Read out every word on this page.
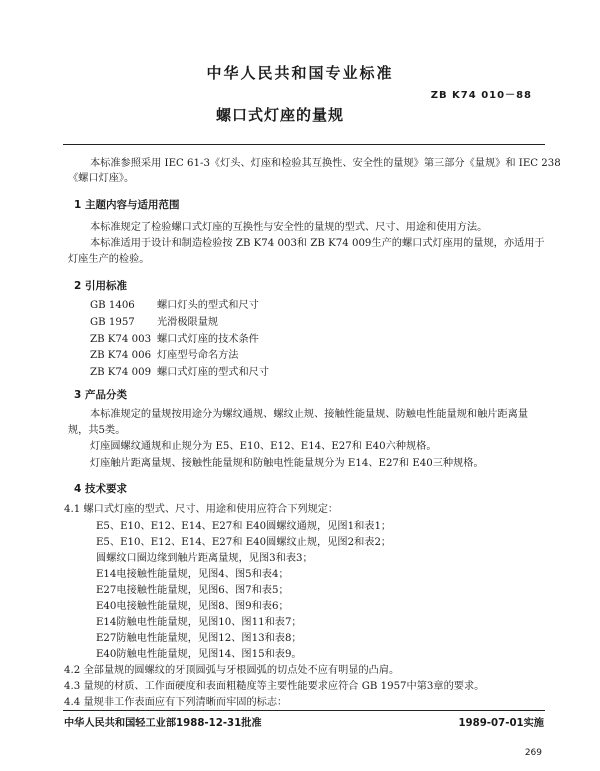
中华人民共和国专业标准
ZB K74 010－88
螺口式灯座的量规
本标准参照采用 IEC 61-3《灯头、灯座和检验其互换性、安全性的量规》第三部分《量规》和 IEC 238
《螺口灯座》。
1 主题内容与适用范围
本标准规定了检验螺口式灯座的互换性与安全性的量规的型式、尺寸、用途和使用方法。
本标准适用于设计和制造检验按 ZB K74 003和 ZB K74 009生产的螺口式灯座用的量规，亦适用于
灯座生产的检验。
2 引用标准
GB 1406 螺口灯头的型式和尺寸
GB 1957 光滑极限量规
ZB K74 003 螺口式灯座的技术条件
ZB K74 006 灯座型号命名方法
ZB K74 009 螺口式灯座的型式和尺寸
3 产品分类
本标准规定的量规按用途分为螺纹通规、螺纹止规、接触性能量规、防触电性能量规和触片距离量
规，共5类。
灯座圆螺纹通规和止规分为 E5、E10、E12、E14、E27和 E40六种规格。
灯座触片距离量规、接触性能量规和防触电性能量规分为 E14、E27和 E40三种规格。
4 技术要求
4.1 螺口式灯座的型式、尺寸、用途和使用应符合下列规定：
E5、E10、E12、E14、E27和 E40圆螺纹通规，见图1和表1；
E5、E10、E12、E14、E27和 E40圆螺纹止规，见图2和表2；
圆螺纹口圈边缘到触片距离量规，见图3和表3；
E14电接触性能量规，见图4、图5和表4；
E27电接触性能量规，见图6、图7和表5；
E40电接触性能量规，见图8、图9和表6；
E14防触电性能量规，见图10、图11和表7；
E27防触电性能量规，见图12、图13和表8；
E40防触电性能量规，见图14、图15和表9。
4.2 全部量规的圆螺纹的牙顶圆弧与牙根圆弧的切点处不应有明显的凸肩。
4.3 量规的材质、工作面硬度和表面粗糙度等主要性能要求应符合 GB 1957中第3章的要求。
4.4 量规非工作表面应有下列清晰而牢固的标志：
中华人民共和国轻工业部1988-12-31批准	1989-07-01实施
269
